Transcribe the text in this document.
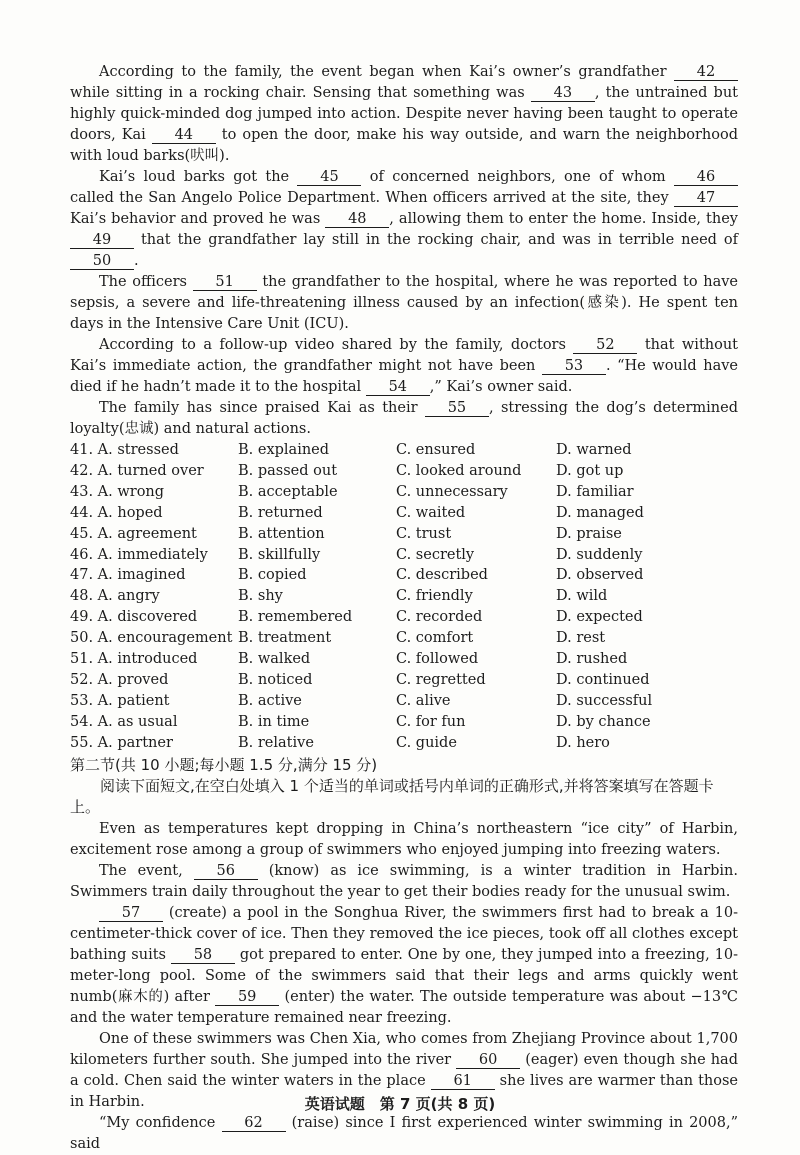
According to the family, the event began when Kai’s owner’s grandfather 42 while sitting in a rocking chair. Sensing that something was 43 , the untrained but highly quick-minded dog jumped into action. Despite never having been taught to operate doors, Kai 44 to open the door, make his way outside, and warn the neighborhood with loud barks(吠叫).

Kai’s loud barks got the 45 of concerned neighbors, one of whom 46 called the San Angelo Police Department. When officers arrived at the site, they 47 Kai’s behavior and proved he was 48 , allowing them to enter the home. Inside, they 49 that the grandfather lay still in the rocking chair, and was in terrible need of 50 .

The officers 51 the grandfather to the hospital, where he was reported to have sepsis, a severe and life-threatening illness caused by an infection(感染). He spent ten days in the Intensive Care Unit (ICU).

According to a follow-up video shared by the family, doctors 52 that without Kai’s immediate action, the grandfather might not have been 53 . “He would have died if he hadn’t made it to the hospital 54 ,” Kai’s owner said.

The family has since praised Kai as their 55 , stressing the dog’s determined loyalty(忠诚) and natural actions.

41. A. stressed	B. explained	C. ensured	D. warned
42. A. turned over	B. passed out	C. looked around	D. got up
43. A. wrong	B. acceptable	C. unnecessary	D. familiar
44. A. hoped	B. returned	C. waited	D. managed
45. A. agreement	B. attention	C. trust	D. praise
46. A. immediately	B. skillfully	C. secretly	D. suddenly
47. A. imagined	B. copied	C. described	D. observed
48. A. angry	B. shy	C. friendly	D. wild
49. A. discovered	B. remembered	C. recorded	D. expected
50. A. encouragement B. treatment	C. comfort	D. rest
51. A. introduced	B. walked	C. followed	D. rushed
52. A. proved	B. noticed	C. regretted	D. continued
53. A. patient	B. active	C. alive	D. successful
54. A. as usual	B. in time	C. for fun	D. by chance
55. A. partner	B. relative	C. guide	D. hero

第二节(共 10 小题;每小题 1.5 分,满分 15 分)

阅读下面短文,在空白处填入 1 个适当的单词或括号内单词的正确形式,并将答案填写在答题卡上。

Even as temperatures kept dropping in China’s northeastern “ice city” of Harbin, excitement rose among a group of swimmers who enjoyed jumping into freezing waters.

The event, 56 (know) as ice swimming, is a winter tradition in Harbin. Swimmers train daily throughout the year to get their bodies ready for the unusual swim.

57 (create) a pool in the Songhua River, the swimmers first had to break a 10-centimeter-thick cover of ice. Then they removed the ice pieces, took off all clothes except bathing suits 58 got prepared to enter. One by one, they jumped into a freezing, 10-meter-long pool. Some of the swimmers said that their legs and arms quickly went numb(麻木的) after 59 (enter) the water. The outside temperature was about −13℃ and the water temperature remained near freezing.

One of these swimmers was Chen Xia, who comes from Zhejiang Province about 1,700 kilometers further south. She jumped into the river 60 (eager) even though she had a cold. Chen said the winter waters in the place 61 she lives are warmer than those in Harbin.

“My confidence 62 (raise) since I first experienced winter swimming in 2008,” said

英语试题　第 7 页(共 8 页)
